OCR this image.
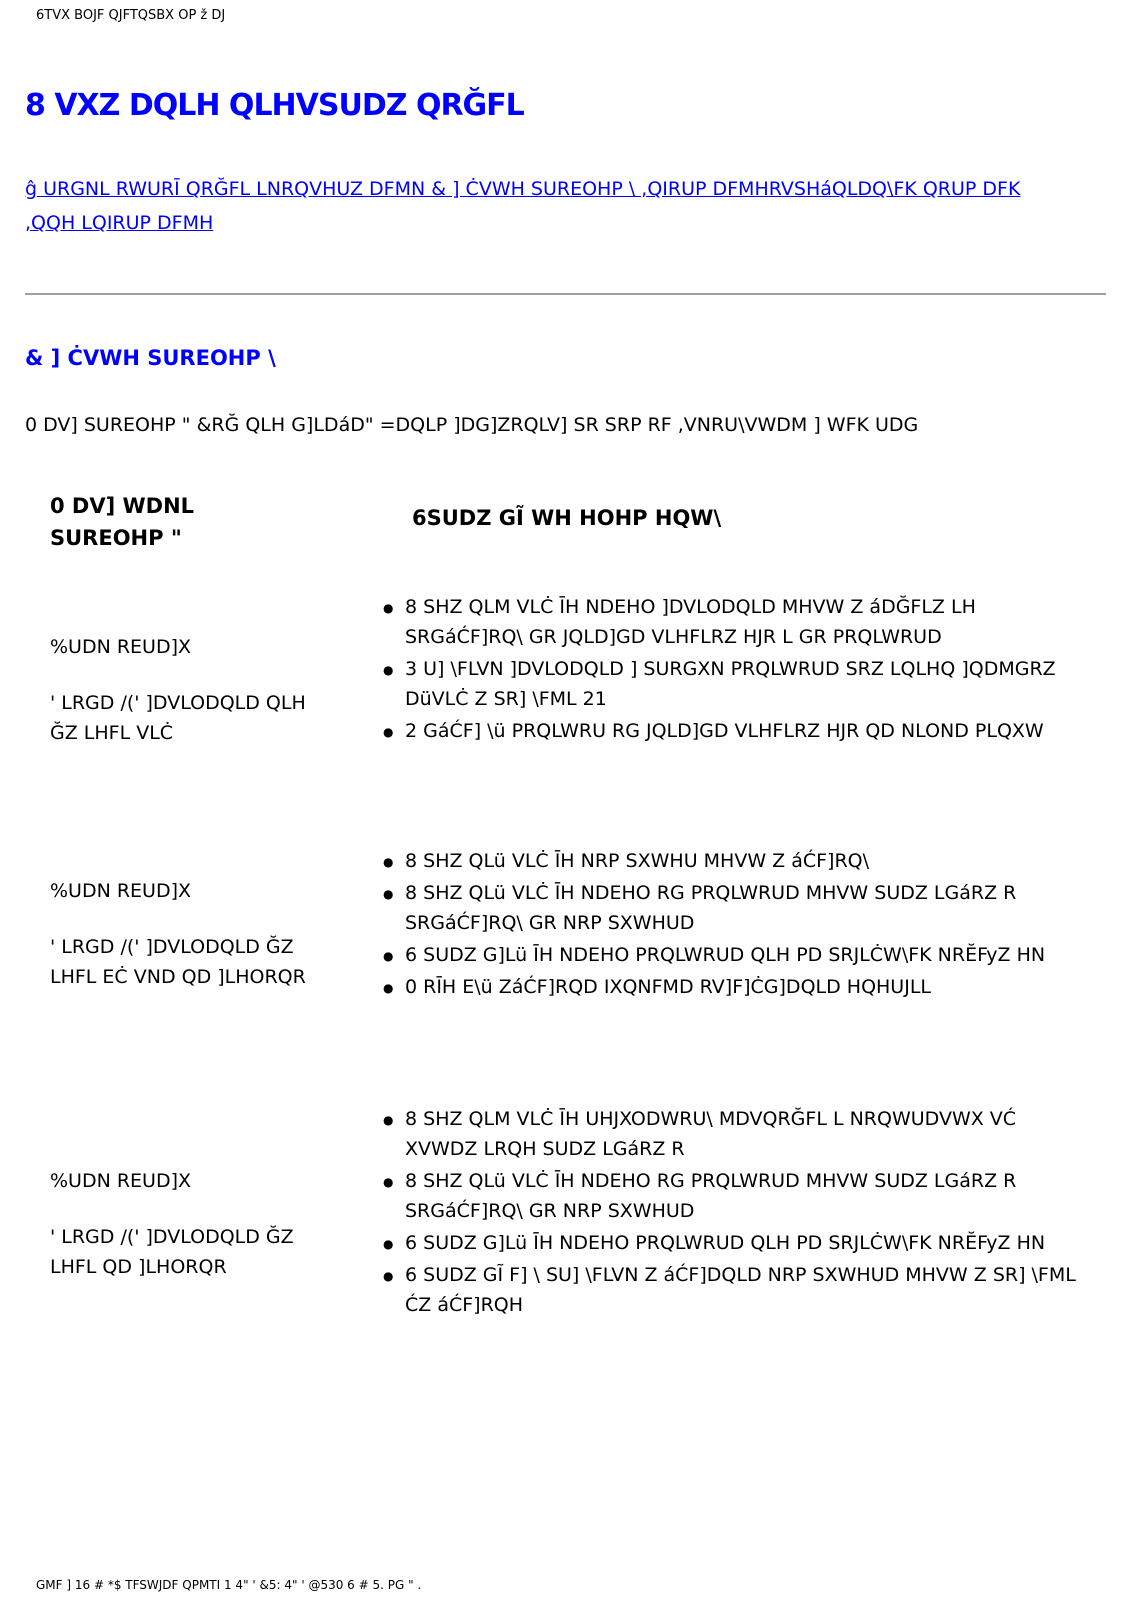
6TVX BOJF QJFTQSBX OP ž DJ
8 VXZ DQLH QLHVSUDZ QRĞFL
ĝ URGNL RWURĪ QRĞFL LNRQVHUZ DFMN & ] ĊVWH SUREOHP \ ,QIRUP DFMHRVSHáQLDQ\FK QRUP DFK
,QQH LQIRUP DFMH
& ] ĊVWH SUREOHP \
0 DV] SUREOHP " &RĞ QLH G]LDáD" =DQLP ]DG]ZRQLV] SR SRP RF ,VNRU\VWDM ] WFK UDG
0 DV] WDNL SUREOHP "
6SUDZ GĨ WH HOHP HQW\

%UDN REUD]X

' LRGD /(' ]DVLODQLD QLH ĞZ LHFL VLĊ

● 8 SHZ QLM VLĊ ĪH NDEHO ]DVLODQLD MHVW Z áDĞFLZ LH SRGáĆF]RQ\ GR JQLD]GD VLHFLRZ HJR L GR PRQLWRUD
● 3 U] \FLVN ]DVLODQLD ] SURGXN PRQLWRUD SRZ LQLHQ ]QDMGRZ DüVLĊ Z SR] \FML 21
● 2 GáĆF] \ü PRQLWRU RG JQLD]GD VLHFLRZ HJR QD NLOND PLQXW

%UDN REUD]X

' LRGD /(' ]DVLODQLD ĞZ LHFL EĊ VND QD ]LHORQR

● 8 SHZ QLü VLĊ ĪH NRP SXWHU MHVW Z áĆF]RQ\
● 8 SHZ QLü VLĊ ĪH NDEHO RG PRQLWRUD MHVW SUDZ LGáRZ R SRGáĆF]RQ\ GR NRP SXWHUD
● 6 SUDZ G]Lü ĪH NDEHO PRQLWRUD QLH PD SRJLĊW\FK NRĔFyZ HN
● 0 RĪH E\ü ZáĆF]RQD IXQNFMD RV]F]ĊG]DQLD HQHUJLL

%UDN REUD]X

' LRGD /(' ]DVLODQLD ĞZ LHFL QD ]LHORQR

● 8 SHZ QLM VLĊ ĪH UHJXODWRU\ MDVQRĞFL L NRQWUDVWX VĆ XVWDZ LRQH SUDZ LGáRZ R
● 8 SHZ QLü VLĊ ĪH NDEHO RG PRQLWRUD MHVW SUDZ LGáRZ R SRGáĆF]RQ\ GR NRP SXWHUD
● 6 SUDZ G]Lü ĪH NDEHO PRQLWRUD QLH PD SRJLĊW\FK NRĔFyZ HN
● 6 SUDZ GĨ F] \ SU] \FLVN Z áĆF]DQLD NRP SXWHUD MHVW Z SR] \FML ĆZ áĆF]RQH
GMF ] 16 # *$ TFSWJDF QPMTI 1 4" ' &5: 4" ' @530 6 # 5. PG " .
